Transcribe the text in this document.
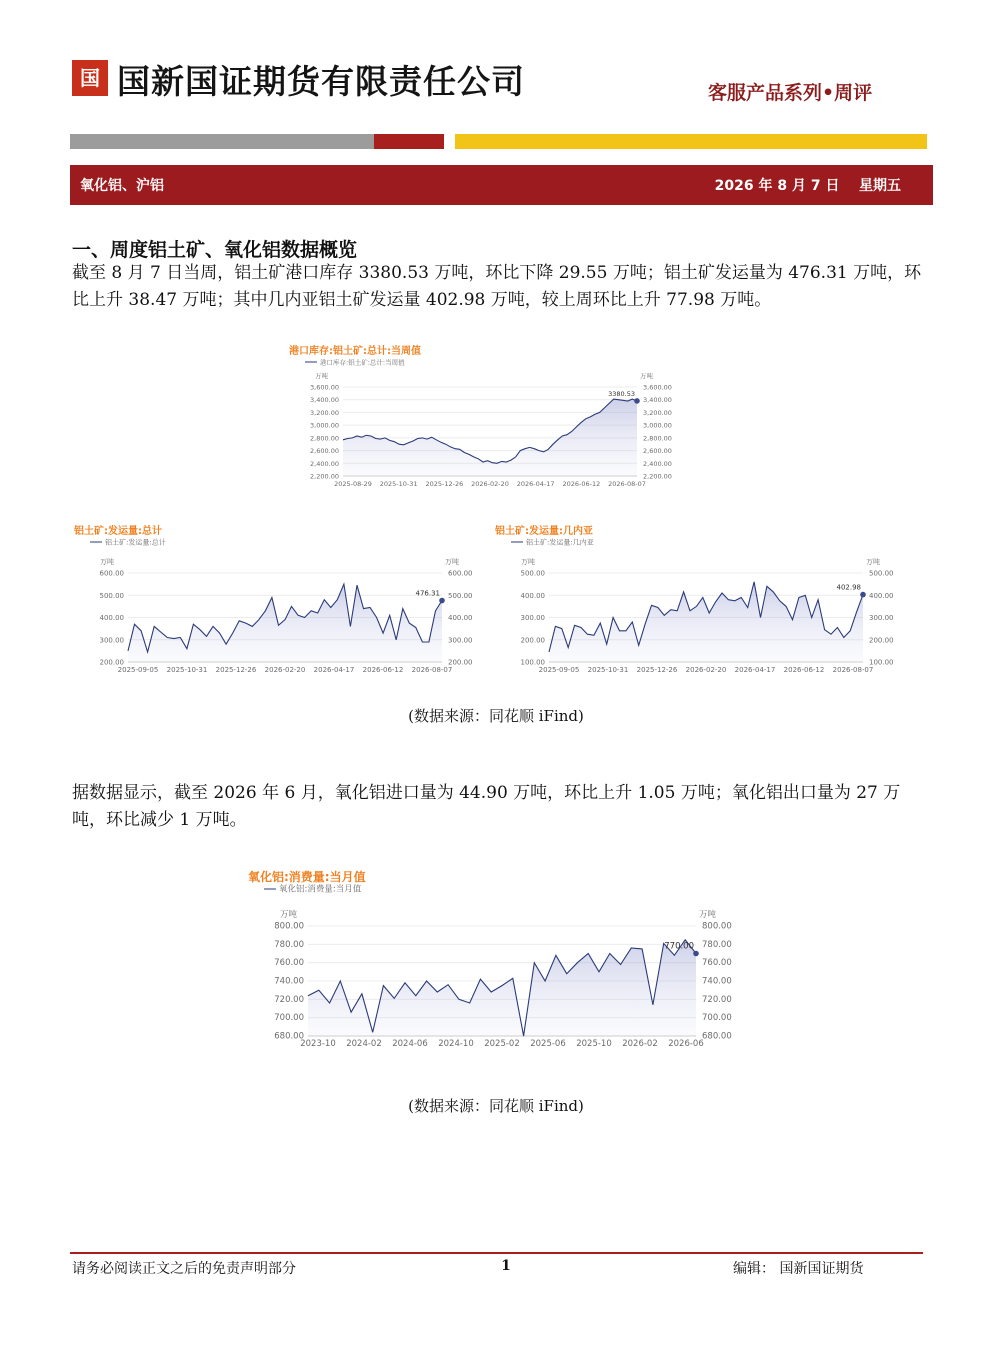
国新
国新国证期货有限责任公司	客服产品系列•周评
氧化铝、沪铝	2026 年 8 月 7 日 星期五
一、周度铝土矿、氧化铝数据概览
截至 8 月 7 日当周，铝土矿港口库存 3380.53 万吨，环比下降 29.55 万吨；铝土矿发运量为 476.31 万吨，环比上升 38.47 万吨；其中几内亚铝土矿发运量 402.98 万吨，较上周环比上升 77.98 万吨。
港口库存:铝土矿:总计:当周值
港口库存:铝土矿:总计:当周值
万吨	万吨
2,200.00	2,200.00
2,400.00	2,400.00
2,600.00	2,600.00
2,800.00	2,800.00
3,000.00	3,000.00
3,200.00	3,200.00
3,400.00	3,400.00
3,600.00	3,600.00
2025-08-29 2025-10-31 2025-12-26 2026-02-20 2026-04-17 2026-06-12 2026-08-07
3380.53
铝土矿:发运量:总计
铝土矿:发运量:总计
万吨	万吨
200.00	200.00
300.00	300.00
400.00	400.00
500.00	500.00
600.00	600.00
2025-09-05 2025-10-31 2025-12-26 2026-02-20 2026-04-17 2026-06-12 2026-08-07
476.31
铝土矿:发运量:几内亚
铝土矿:发运量:几内亚
万吨	万吨
100.00	100.00
200.00	200.00
300.00	300.00
400.00	400.00
500.00	500.00
2025-09-05 2025-10-31 2025-12-26 2026-02-20 2026-04-17 2026-06-12 2026-08-07
402.98
(数据来源：同花顺 iFind)
据数据显示，截至 2026 年 6 月，氧化铝进口量为 44.90 万吨，环比上升 1.05 万吨；氧化铝出口量为 27 万吨，环比减少 1 万吨。
氧化铝:消费量:当月值
氧化铝:消费量:当月值
万吨	万吨
680.00	680.00
700.00	700.00
720.00	720.00
740.00	740.00
760.00	760.00
780.00	780.00
800.00	800.00
2023-10 2024-02 2024-06 2024-10 2025-02 2025-06 2025-10 2026-02 2026-06
770.00
(数据来源：同花顺 iFind)
请务必阅读正文之后的免责声明部分	1	编辑： 国新国证期货
